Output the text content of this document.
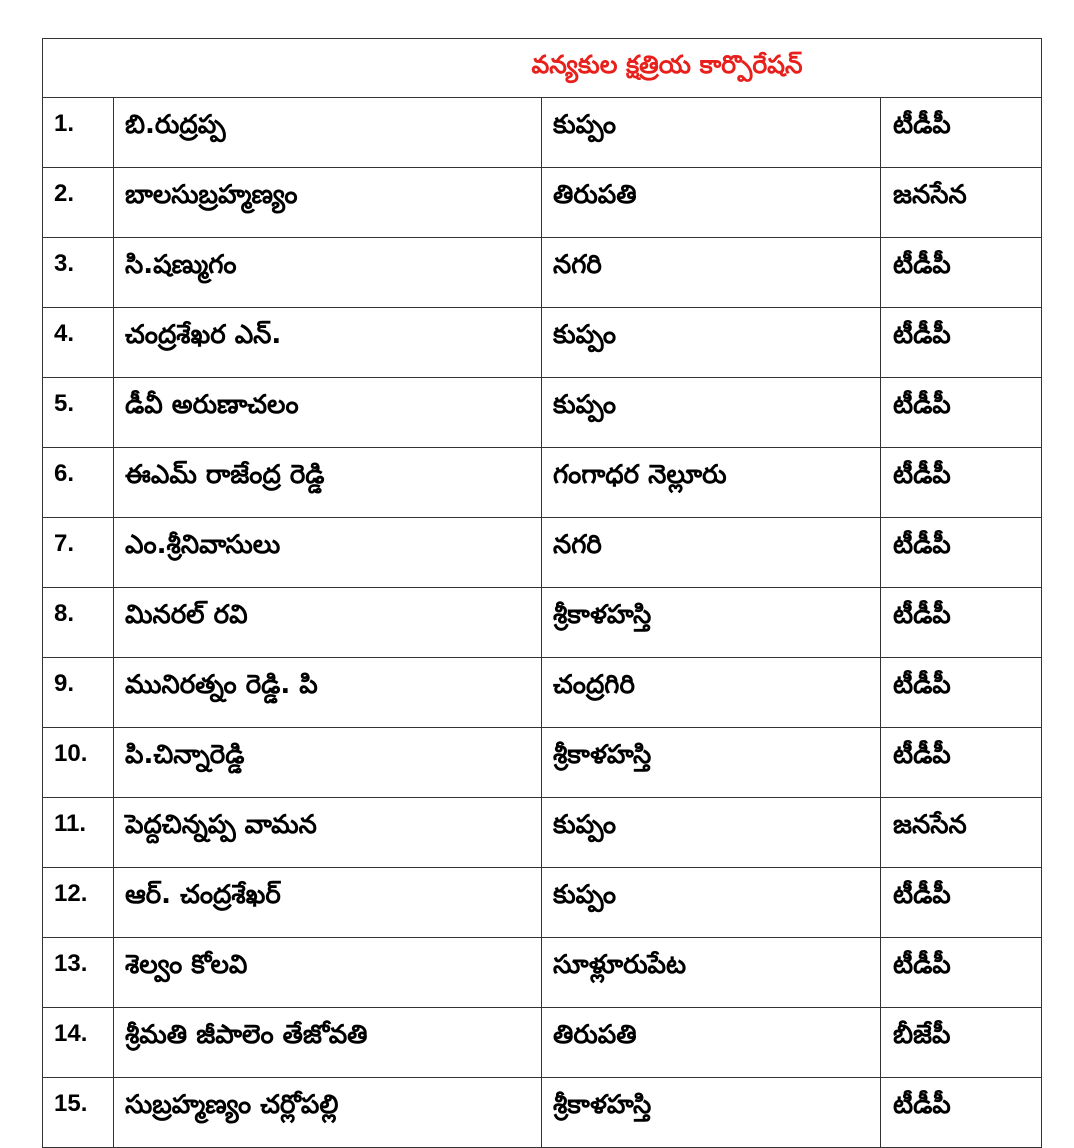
వన్యకుల క్షత్రియ కార్పొరేషన్			
1.	బి.రుద్రప్ప	కుప్పం	టీడీపీ

2.	బాలసుబ్రహ్మణ్యం	తిరుపతి	జనసేన

3.	సి.షణ్ముగం	నగరి	టీడీపీ

4.	చంద్రశేఖర ఎన్.	కుప్పం	టీడీపీ

5.	డీవీ అరుణాచలం	కుప్పం	టీడీపీ

6.	ఈఎమ్ రాజేంద్ర రెడ్డి	గంగాధర నెల్లూరు	టీడీపీ

7.	ఎం.శ్రీనివాసులు	నగరి	టీడీపీ

8.	మినరల్ రవి	శ్రీకాళహస్తి	టీడీపీ

9.	మునిరత్నం రెడ్డి. పి	చంద్రగిరి	టీడీపీ

10.	పి.చిన్నారెడ్డి	శ్రీకాళహస్తి	టీడీపీ

11.	పెద్దచిన్నప్ప వామన	కుప్పం	జనసేన

12.	ఆర్. చంద్రశేఖర్	కుప్పం	టీడీపీ

13.	శెల్వం కోలవి	సూళ్లూరుపేట	టీడీపీ

14.	శ్రీమతి జీపాలెం తేజోవతి	తిరుపతి	బీజేపీ

15.	సుబ్రహ్మణ్యం చర్లోపల్లి	శ్రీకాళహస్తి	టీడీపీ
